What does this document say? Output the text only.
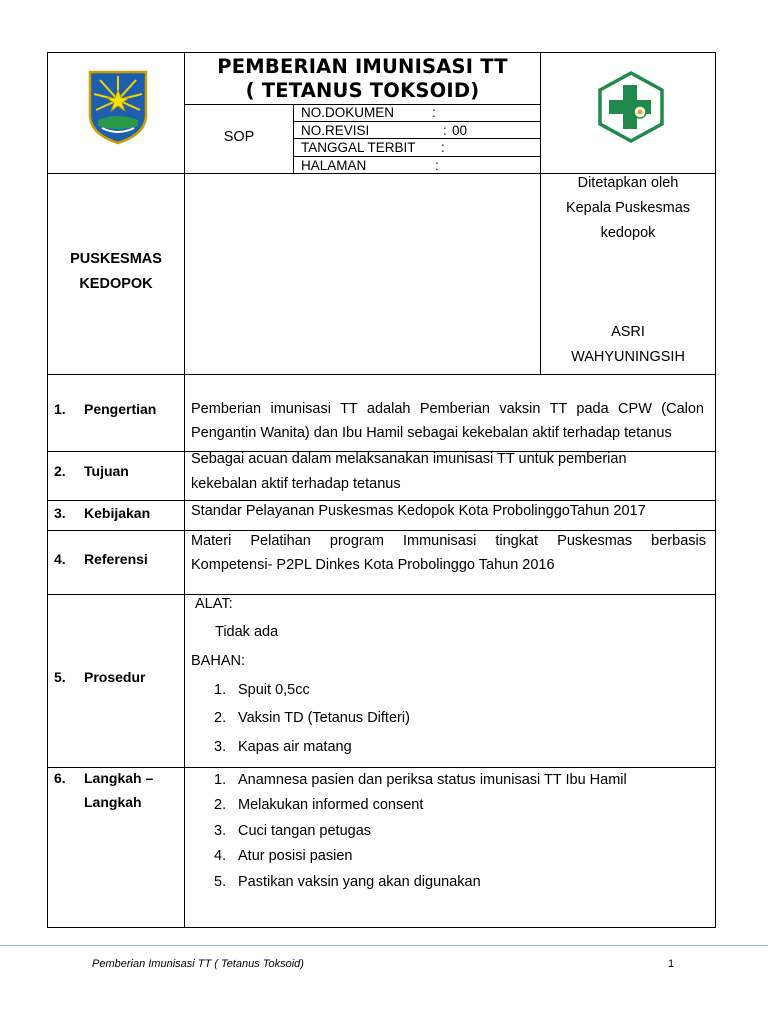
PEMBERIAN IMUNISASI TT
( TETANUS TOKSOID)
SOP
NO.DOKUMEN	:
NO.REVISI	: 00
TANGGAL TERBIT :
HALAMAN	:
PUSKESMAS
KEDOPOK
Ditetapkan oleh
Kepala Puskesmas
kedopok
ASRI
WAHYUNINGSIH
1. Pengertian Pemberian imunisasi TT adalah Pemberian vaksin TT pada CPW (Calon
Pengantin Wanita) dan Ibu Hamil sebagai kekebalan aktif terhadap tetanus
2. Tujuan
Sebagai acuan dalam melaksanakan imunisasi TT untuk pemberian
kekebalan aktif terhadap tetanus
3. Kebijakan	Standar Pelayanan Puskesmas Kedopok Kota ProbolinggoTahun 2017
4. Referensi
Materi Pelatihan program Immunisasi tingkat Puskesmas berbasis
Kompetensi- P2PL Dinkes Kota Probolinggo Tahun 2016
5. Prosedur
ALAT:
Tidak ada
BAHAN:
1. Spuit 0,5cc
2. Vaksin TD (Tetanus Difteri)
3. Kapas air matang
6. Langkah –
Langkah
1. Anamnesa pasien dan periksa status imunisasi TT Ibu Hamil
2. Melakukan informed consent
3. Cuci tangan petugas
4. Atur posisi pasien
5. Pastikan vaksin yang akan digunakan
Pemberian Imunisasi TT ( Tetanus Toksoid)	1
